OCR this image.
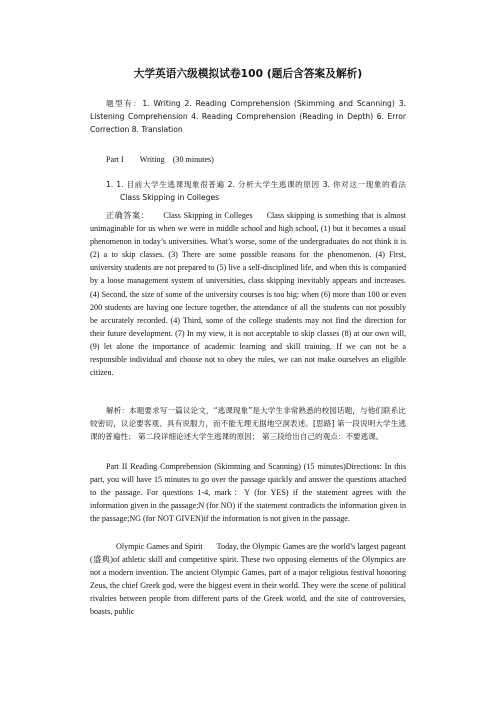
大学英语六级模拟试卷100 (题后含答案及解析)

题型有：1. Writing 2. Reading Comprehension (Skimming and Scanning) 3. Listening Comprehension 4. Reading Comprehension (Reading in Depth) 6. Error Correction 8. Translation

Part I        Writing    (30 minutes)

1. 1. 目前大学生逃课现象很普遍 2. 分析大学生逃课的原因 3. 你对这一现象的看法Class Skipping in Colleges

正确答案： Class Skipping in Colleges Class skipping is something that is almost unimaginable for us when we were in middle school and high school, (1) but it becomes a usual phenomenon in today’s universities. What’s worse, some of the undergraduates do not think it is (2) a to skip classes. (3) There are some possible reasons for the phenomenon. (4) First, university students are not prepared to (5) live a self-disciplined life, and when this is companied by a loose management system of universities, class skipping inevitably appears and increases. (4) Second, the size of some of the university courses is too big: when (6) more than 100 or even 200 students are having one lecture together, the attendance of all the students can not possibly be accurately recorded. (4) Third, some of the college students may not find the direction for their future development. (7) In my view, it is not acceptable to skip classes (8) at our own will, (9) let alone the importance of academic learning and skill training. If we can not be a responsible individual and choose not to obey the rules, we can not make ourselves an eligible citizen.

解析：本题要求写一篇议论文，“逃课现象”是大学生非常熟悉的校园话题，与他们联系比较密切，议论要客观、具有说服力，而不能无理无据地空洞表述。[思路] 第一段说明大学生逃课的普遍性； 第二段详细论述大学生逃课的原因； 第三段给出自己的观点：不要逃课。

Part II Reading Comprehension (Skimming and Scanning) (15 minutes)Directions: In this part, you will have 15 minutes to go over the passage quickly and answer the questions attached to the passage. For questions 1-4, mark：Y (for YES) if the statement agrees with the information given in the passage;N (for NO) if the statement contradicts the information given in the passage;NG (for NOT GIVEN)if the information is not given in the passage.

Olympic Games and Spirit Today, the Olympic Games are the world’s largest pageant (盛典)of athletic skill and competitive spirit. These two opposing elements of the Olympics are not a modern invention. The ancient Olympic Games, part of a major religious festival honoring Zeus, the chief Greek god, were the biggest event in their world. They were the scene of political rivalries between people from different parts of the Greek world, and the site of controversies, boasts, public
